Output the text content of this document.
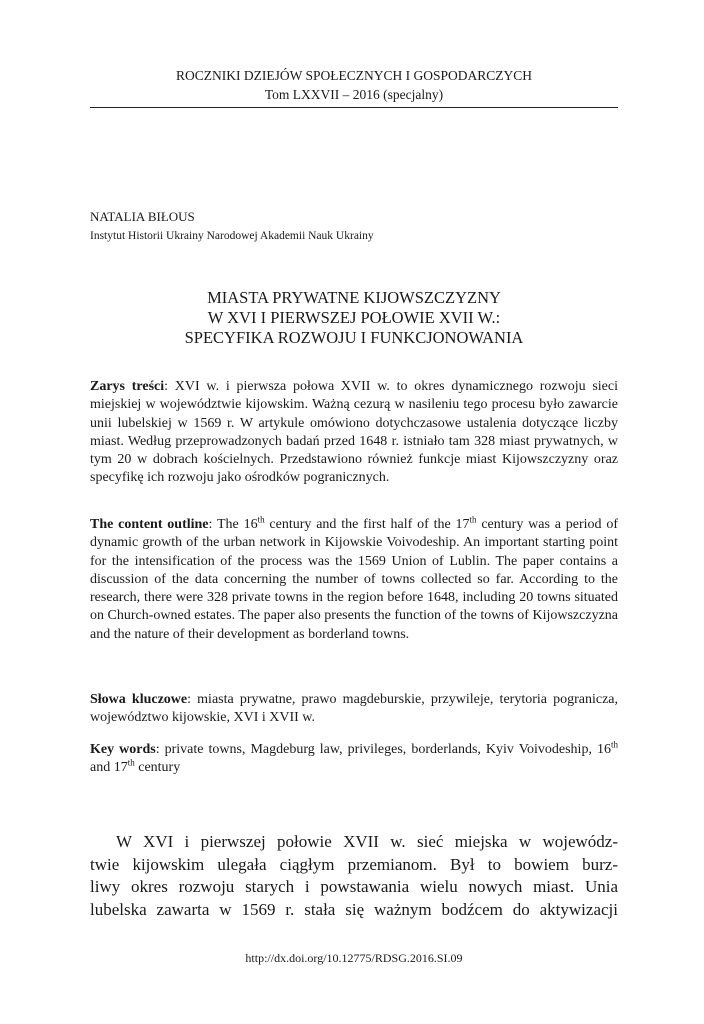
ROCZNIKI DZIEJÓW SPOŁECZNYCH I GOSPODARCZYCH
Tom LXXVII – 2016 (specjalny)
NATALIA BIŁOUS
Instytut Historii Ukrainy Narodowej Akademii Nauk Ukrainy
MIASTA PRYWATNE KIJOWSZCZYZNY
W XVI I PIERWSZEJ POŁOWIE XVII W.:
SPECYFIKA ROZWOJU I FUNKCJONOWANIA

Zarys treści: XVI w. i pierwsza połowa XVII w. to okres dynamicznego rozwoju sieci miejskiej w województwie kijowskim. Ważną cezurą w nasileniu tego procesu było zawarcie unii lubelskiej w 1569 r. W artykule omówiono dotychczasowe ustalenia dotyczące liczby miast. Według przeprowadzonych badań przed 1648 r. istniało tam 328 miast prywatnych, w tym 20 w dobrach kościelnych. Przedstawiono również funkcje miast Kijowszczyzny oraz specyfikę ich rozwoju jako ośrodków pogranicznych.

The content outline: The 16th century and the first half of the 17th century was a period of dynamic growth of the urban network in Kijowskie Voivodeship. An important starting point for the intensification of the process was the 1569 Union of Lublin. The paper contains a discussion of the data concerning the number of towns collected so far. According to the research, there were 328 private towns in the region before 1648, including 20 towns situated on Church-owned estates. The paper also presents the function of the towns of Kijowszczyzna and the nature of their development as borderland towns.

Słowa kluczowe: miasta prywatne, prawo magdeburskie, przywileje, terytoria pogranicza, województwo kijowskie, XVI i XVII w.

Key words: private towns, Magdeburg law, privileges, borderlands, Kyiv Voivodeship, 16th and 17th century

W XVI i pierwszej połowie XVII w. sieć miejska w wojewódz-
twie kijowskim ulegała ciągłym przemianom. Był to bowiem burz-
liwy okres rozwoju starych i powstawania wielu nowych miast. Unia
lubelska zawarta w 1569 r. stała się ważnym bodźcem do aktywizacji
http://dx.doi.org/10.12775/RDSG.2016.SI.09
